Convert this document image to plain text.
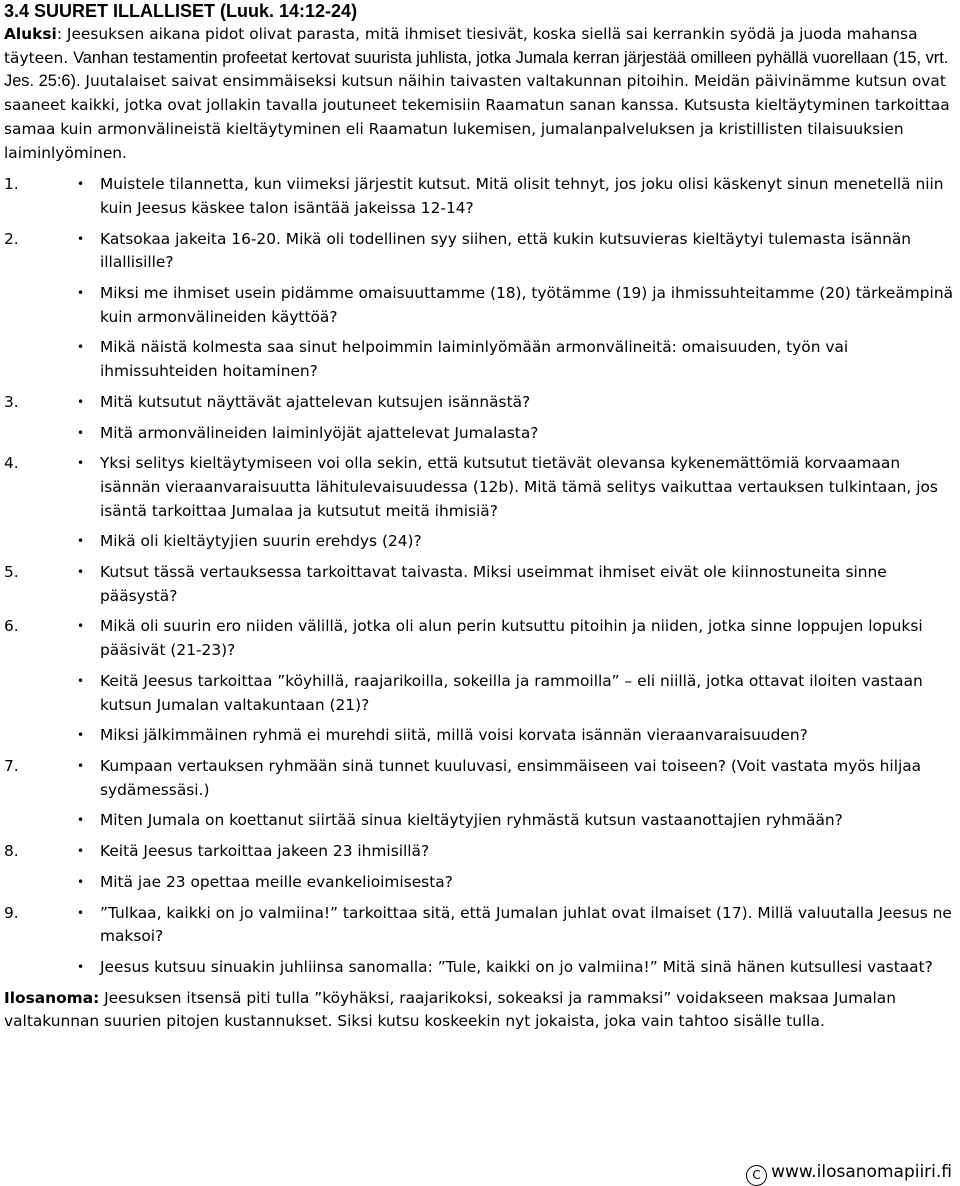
3.4 SUURET ILLALLISET (Luuk. 14:12-24)

Aluksi: Jeesuksen aikana pidot olivat parasta, mitä ihmiset tiesivät, koska siellä sai kerrankin syödä ja juoda mahansa täyteen. Vanhan testamentin profeetat kertovat suurista juhlista, jotka Jumala kerran järjestää omilleen pyhällä vuorellaan (15, vrt. Jes. 25:6). Juutalaiset saivat ensimmäiseksi kutsun näihin taivasten valtakunnan pitoihin. Meidän päivinämme kutsun ovat saaneet kaikki, jotka ovat jollakin tavalla joutuneet tekemisiin Raamatun sanan kanssa. Kutsusta kieltäytyminen tarkoittaa samaa kuin armonvälineistä kieltäytyminen eli Raamatun lukemisen, jumalanpalveluksen ja kristillisten tilaisuuksien laiminlyöminen.

1.	•	Muistele tilannetta, kun viimeksi järjestit kutsut. Mitä olisit tehnyt, jos joku olisi käskenyt sinun menetellä niin kuin Jeesus käskee talon isäntää jakeissa 12-14?
2.	•	Katsokaa jakeita 16-20. Mikä oli todellinen syy siihen, että kukin kutsuvieras kieltäytyi tulemasta isännän illallisille?
•	Miksi me ihmiset usein pidämme omaisuuttamme (18), työtämme (19) ja ihmissuhteitamme (20) tärkeämpinä kuin armonvälineiden käyttöä?
•	Mikä näistä kolmesta saa sinut helpoimmin laiminlyömään armonvälineitä: omaisuuden, työn vai ihmissuhteiden hoitaminen?
3.	•	Mitä kutsutut näyttävät ajattelevan kutsujen isännästä?
•	Mitä armonvälineiden laiminlyöjät ajattelevat Jumalasta?
4.	•	Yksi selitys kieltäytymiseen voi olla sekin, että kutsutut tietävät olevansa kykenemättömiä korvaamaan isännän vieraanvaraisuutta lähitulevaisuudessa (12b). Mitä tämä selitys vaikuttaa vertauksen tulkintaan, jos isäntä tarkoittaa Jumalaa ja kutsutut meitä ihmisiä?
•	Mikä oli kieltäytyjien suurin erehdys (24)?
5.	•	Kutsut tässä vertauksessa tarkoittavat taivasta. Miksi useimmat ihmiset eivät ole kiinnostuneita sinne pääsystä?
6.	•	Mikä oli suurin ero niiden välillä, jotka oli alun perin kutsuttu pitoihin ja niiden, jotka sinne loppujen lopuksi pääsivät (21-23)?
•	Keitä Jeesus tarkoittaa ”köyhillä, raajarikoilla, sokeilla ja rammoilla” – eli niillä, jotka ottavat iloiten vastaan kutsun Jumalan valtakuntaan (21)?
•	Miksi jälkimmäinen ryhmä ei murehdi siitä, millä voisi korvata isännän vieraanvaraisuuden?
7.	•	Kumpaan vertauksen ryhmään sinä tunnet kuuluvasi, ensimmäiseen vai toiseen? (Voit vastata myös hiljaa sydämessäsi.)
•	Miten Jumala on koettanut siirtää sinua kieltäytyjien ryhmästä kutsun vastaanottajien ryhmään?
8.	•	Keitä Jeesus tarkoittaa jakeen 23 ihmisillä?
•	Mitä jae 23 opettaa meille evankelioimisesta?
9.	•	”Tulkaa, kaikki on jo valmiina!” tarkoittaa sitä, että Jumalan juhlat ovat ilmaiset (17). Millä valuutalla Jeesus ne maksoi?
•	Jeesus kutsuu sinuakin juhliinsa sanomalla: ”Tule, kaikki on jo valmiina!” Mitä sinä hänen kutsullesi vastaat?

Ilosanoma: Jeesuksen itsensä piti tulla ”köyhäksi, raajarikoksi, sokeaksi ja rammaksi” voidakseen maksaa Jumalan valtakunnan suurien pitojen kustannukset. Siksi kutsu koskeekin nyt jokaista, joka vain tahtoo sisälle tulla.

C www.ilosanomapiiri.fi
